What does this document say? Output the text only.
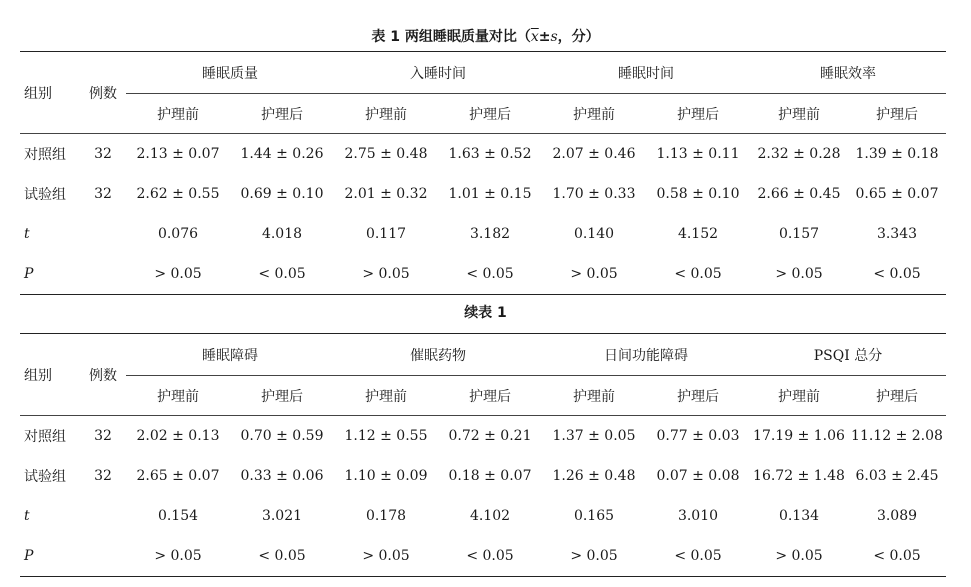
表 1 两组睡眠质量对比（$\overline{x}\pm s$，分）
组别	例数	睡眠质量		入睡时间		睡眠时间		睡眠效率	
		护理前	护理后	护理前	护理后	护理前	护理后	护理前	护理后
对照组	32	2.13 ± 0.07	1.44 ± 0.26	2.75 ± 0.48	1.63 ± 0.52	2.07 ± 0.46	1.13 ± 0.11	2.32 ± 0.28	1.39 ± 0.18
试验组	32	2.62 ± 0.55	0.69 ± 0.10	2.01 ± 0.32	1.01 ± 0.15	1.70 ± 0.33	0.58 ± 0.10	2.66 ± 0.45	0.65 ± 0.07
t		0.076	4.018	0.117	3.182	0.140	4.152	0.157	3.343
P		> 0.05	< 0.05	> 0.05	< 0.05	> 0.05	< 0.05	> 0.05	< 0.05
续表 1
组别	例数	睡眠障碍		催眠药物		日间功能障碍		PSQI 总分	
		护理前	护理后	护理前	护理后	护理前	护理后	护理前	护理后
对照组	32	2.02 ± 0.13	0.70 ± 0.59	1.12 ± 0.55	0.72 ± 0.21	1.37 ± 0.05	0.77 ± 0.03	17.19 ± 1.06	11.12 ± 2.08
试验组	32	2.65 ± 0.07	0.33 ± 0.06	1.10 ± 0.09	0.18 ± 0.07	1.26 ± 0.48	0.07 ± 0.08	16.72 ± 1.48	6.03 ± 2.45
t		0.154	3.021	0.178	4.102	0.165	3.010	0.134	3.089
P		> 0.05	< 0.05	> 0.05	< 0.05	> 0.05	< 0.05	> 0.05	< 0.05
